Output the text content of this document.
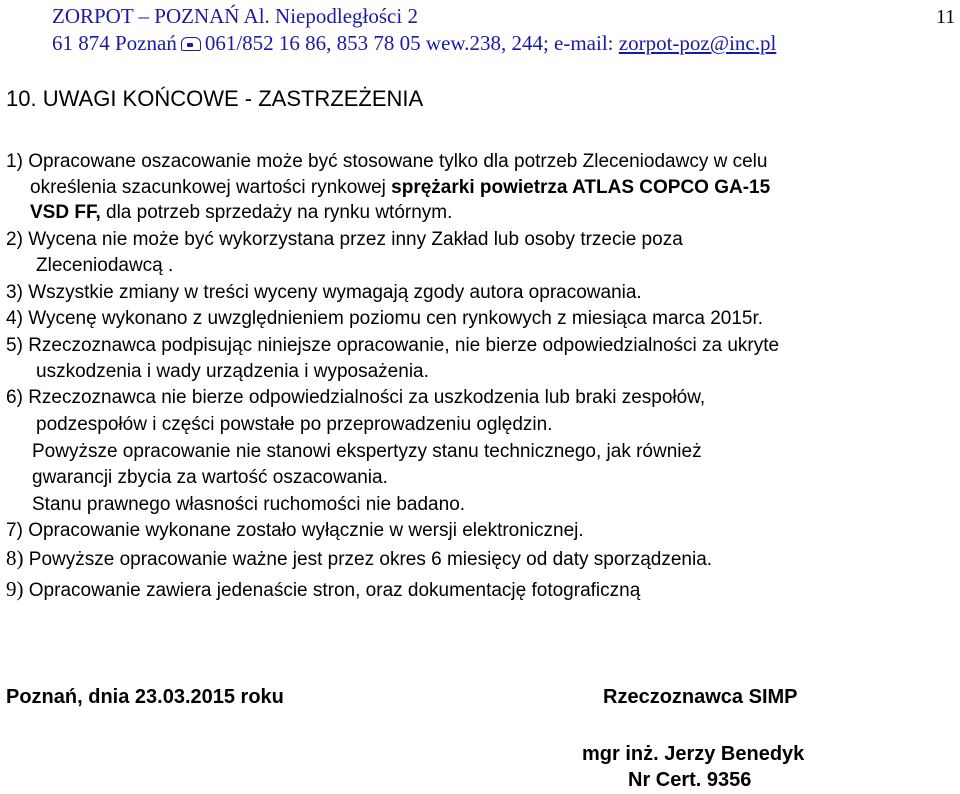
ZORPOT – POZNAŃ Al. Niepodległości 2
61 874 Poznań 061/852 16 86, 853 78 05 wew.238, 244; e-mail: zorpot-poz@inc.pl
11
10. UWAGI KOŃCOWE - ZASTRZEŻENIA
1) Opracowane oszacowanie może być stosowane tylko dla potrzeb Zleceniodawcy w celu
określenia szacunkowej wartości rynkowej sprężarki powietrza ATLAS COPCO GA-15
VSD FF, dla potrzeb sprzedaży na rynku wtórnym.
2) Wycena nie może być wykorzystana przez inny Zakład lub osoby trzecie poza
Zleceniodawcą .
3) Wszystkie zmiany w treści wyceny wymagają zgody autora opracowania.
4) Wycenę wykonano z uwzględnieniem poziomu cen rynkowych z miesiąca marca 2015r.
5) Rzeczoznawca podpisując niniejsze opracowanie, nie bierze odpowiedzialności za ukryte
uszkodzenia i wady urządzenia i wyposażenia.
6) Rzeczoznawca nie bierze odpowiedzialności za uszkodzenia lub braki zespołów,
podzespołów i części powstałe po przeprowadzeniu oględzin.
Powyższe opracowanie nie stanowi ekspertyzy stanu technicznego, jak również
gwarancji zbycia za wartość oszacowania.
Stanu prawnego własności ruchomości nie badano.
7) Opracowanie wykonane zostało wyłącznie w wersji elektronicznej.
8) Powyższe opracowanie ważne jest przez okres 6 miesięcy od daty sporządzenia.
9) Opracowanie zawiera jedenaście stron, oraz dokumentację fotograficzną
Poznań, dnia 23.03.2015 roku	Rzeczoznawca SIMP
mgr inż. Jerzy Benedyk
Nr Cert. 9356
